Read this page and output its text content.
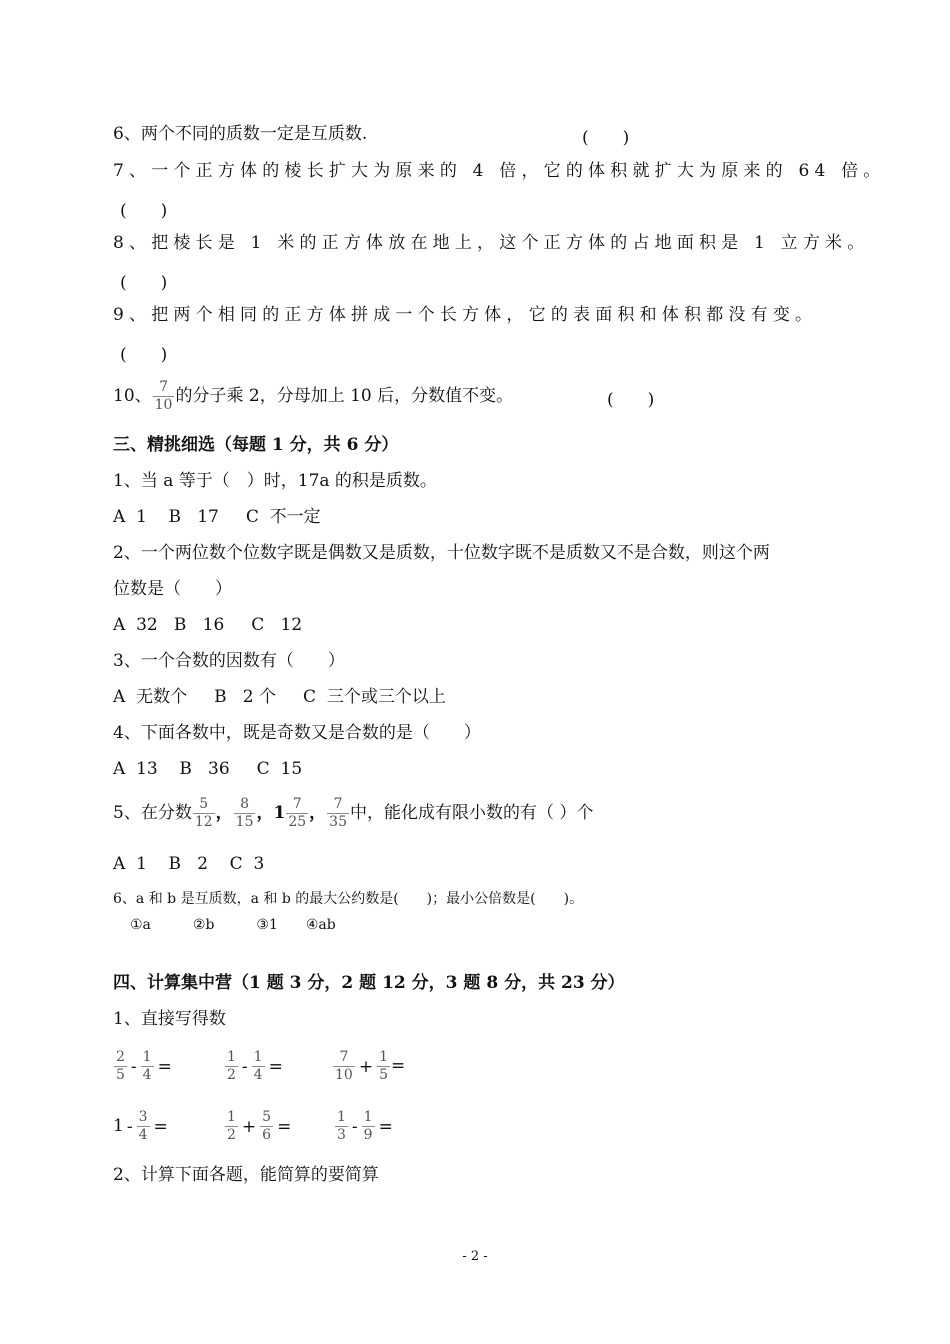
6、两个不同的质数一定是互质数.	(　　)
7、一个正方体的棱长扩大为原来的 4 倍，它的体积就扩大为原来的 64 倍。
(　　)
8、把棱长是 1 米的正方体放在地上，这个正方体的占地面积是 1 立方米。
(　　)
9、把两个相同的正方体拼成一个长方体，它的表面积和体积都没有变。
(　　)
10、 $\frac{7}{10}$ 的分子乘 2，分母加上 10 后，分数值不变。	(　　)
三、精挑细选（每题 1 分，共 6 分）
1、当 a 等于（　）时，17a 的积是质数。
A  1    B   17     C  不一定
2、一个两位数个位数字既是偶数又是质数，十位数字既不是质数又不是合数，则这个两
位数是（　　）
A  32   B   16     C   12
3、一个合数的因数有（　　）
A  无数个     B   2 个     C  三个或三个以上
4、下面各数中，既是奇数又是合数的是（　　）
A  13    B   36     C  15
5、在分数 $\frac{5}{12}$ ， $\frac{8}{15}$ ，$1 \frac{7}{25}$ ， $\frac{7}{35}$ 中，能化成有限小数的有（ ）个
A  1    B   2    C  3
6、a 和 b 是互质数，a 和 b 的最大公约数是(　　)；最小公倍数是(　　)。
①a　　　②b　　　③1　　④ab
四、计算集中营（1 题 3 分，2 题 12 分，3 题 8 分，共 23 分）
1、直接写得数
$\frac{2}{5} - \frac{1}{4}$ =	$\frac{1}{2} - \frac{1}{4}$ =	$\frac{7}{10} + \frac{1}{5}$ =
$1 - \frac{3}{4}$ =	$\frac{1}{2} + \frac{5}{6}$ =	$\frac{1}{3} - \frac{1}{9}$ =
2、计算下面各题，能简算的要简算
- 2 -
